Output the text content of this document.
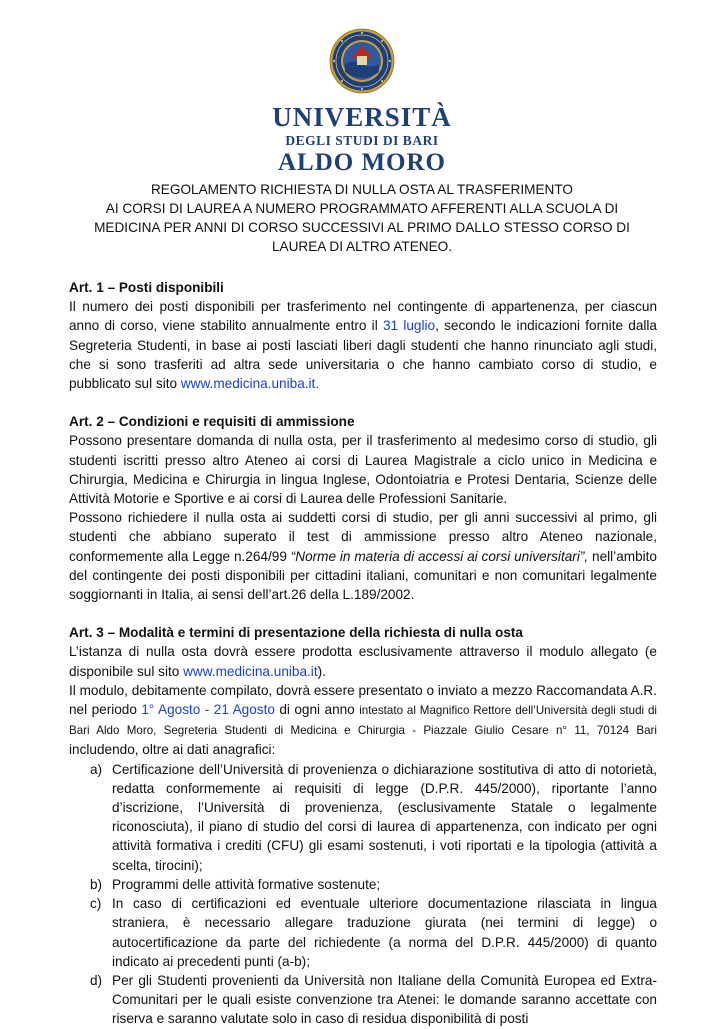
UNIVERSITÀ
DEGLI STUDI DI BARI
ALDO MORO
REGOLAMENTO RICHIESTA DI NULLA OSTA AL TRASFERIMENTO
AI CORSI DI LAUREA A NUMERO PROGRAMMATO AFFERENTI ALLA SCUOLA DI
MEDICINA PER ANNI DI CORSO SUCCESSIVI AL PRIMO DALLO STESSO CORSO DI
LAUREA DI ALTRO ATENEO.
Art. 1 – Posti disponibili
Il numero dei posti disponibili per trasferimento nel contingente di appartenenza, per ciascun anno di corso, viene stabilito annualmente entro il 31 luglio, secondo le indicazioni fornite dalla Segreteria Studenti, in base ai posti lasciati liberi dagli studenti che hanno rinunciato agli studi, che si sono trasferiti ad altra sede universitaria o che hanno cambiato corso di studio, e pubblicato sul sito www.medicina.uniba.it.
Art. 2 – Condizioni e requisiti di ammissione
Possono presentare domanda di nulla osta, per il trasferimento al medesimo corso di studio, gli studenti iscritti presso altro Ateneo ai corsi di Laurea Magistrale a ciclo unico in Medicina e Chirurgia, Medicina e Chirurgia in lingua Inglese, Odontoiatria e Protesi Dentaria, Scienze delle Attività Motorie e Sportive e ai corsi di Laurea delle Professioni Sanitarie.
Possono richiedere il nulla osta ai suddetti corsi di studio, per gli anni successivi al primo, gli studenti che abbiano superato il test di ammissione presso altro Ateneo nazionale, conformemente alla Legge n.264/99 “Norme in materia di accessi ai corsi universitari”, nell’ambito del contingente dei posti disponibili per cittadini italiani, comunitari e non comunitari legalmente soggiornanti in Italia, ai sensi dell’art.26 della L.189/2002.
Art. 3 – Modalità e termini di presentazione della richiesta di nulla osta
L’istanza di nulla osta dovrà essere prodotta esclusivamente attraverso il modulo allegato (e disponibile sul sito www.medicina.uniba.it).
Il modulo, debitamente compilato, dovrà essere presentato o inviato a mezzo Raccomandata A.R. nel periodo 1° Agosto - 21 Agosto di ogni anno intestato al Magnifico Rettore dell’Università degli studi di Bari Aldo Moro, Segreteria Studenti di Medicina e Chirurgia - Piazzale Giulio Cesare n° 11, 70124 Bari includendo, oltre ai dati anagrafici:
a) Certificazione dell’Università di provenienza o dichiarazione sostitutiva di atto di notorietà, redatta conformemente ai requisiti di legge (D.P.R. 445/2000), riportante l’anno d’iscrizione, l’Università di provenienza, (esclusivamente Statale o legalmente riconosciuta), il piano di studio del corsi di laurea di appartenenza, con indicato per ogni attività formativa i crediti (CFU) gli esami sostenuti, i voti riportati e la tipologia (attività a scelta, tirocini);
b) Programmi delle attività formative sostenute;
c) In caso di certificazioni ed eventuale ulteriore documentazione rilasciata in lingua straniera, è necessario allegare traduzione giurata (nei termini di legge) o autocertificazione da parte del richiedente (a norma del D.P.R. 445/2000) di quanto indicato ai precedenti punti (a-b);
d) Per gli Studenti provenienti da Università non Italiane della Comunità Europea ed Extra-Comunitari per le quali esiste convenzione tra Atenei: le domande saranno accettate con riserva e saranno valutate solo in caso di residua disponibilità di posti
